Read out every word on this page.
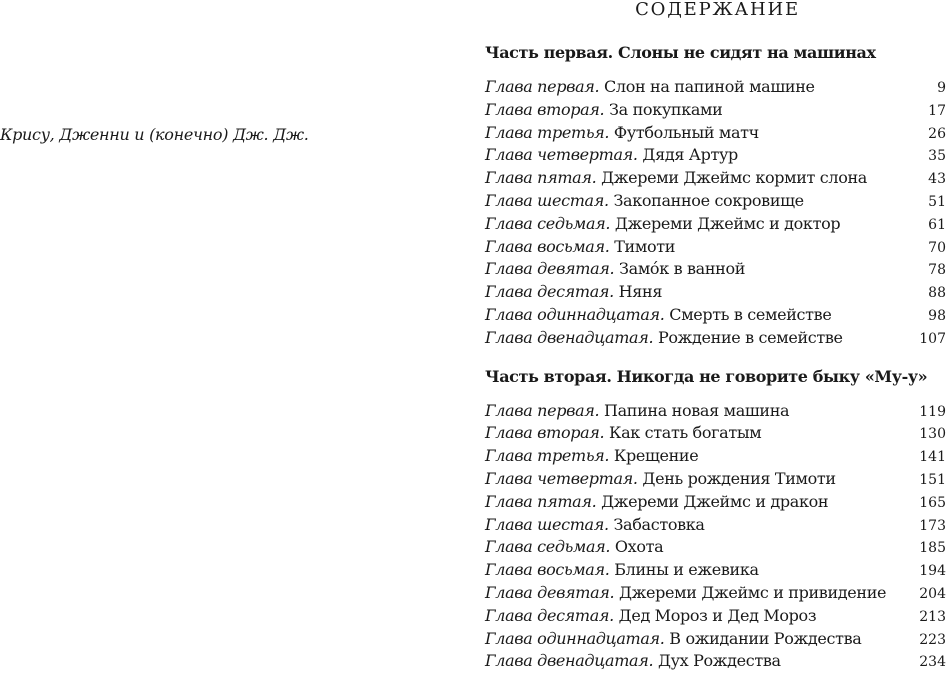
Крису, Дженни и (конечно) Дж. Дж.
СОДЕРЖАНИЕ
Часть первая. Слоны не сидят на машинах
Глава первая. Слон на папиной машине	9
Глава вторая. За покупками	17
Глава третья. Футбольный матч	26
Глава четвертая. Дядя Артур	35
Глава пятая. Джереми Джеймс кормит слона	43
Глава шестая. Закопанное сокровище	51
Глава седьмая. Джереми Джеймс и доктор	61
Глава восьмая. Тимоти	70
Глава девятая. Замо́к в ванной	78
Глава десятая. Няня	88
Глава одиннадцатая. Смерть в семействе	98
Глава двенадцатая. Рождение в семействе	107
Часть вторая. Никогда не говорите быку «Му-у»
Глава первая. Папина новая машина	119
Глава вторая. Как стать богатым	130
Глава третья. Крещение	141
Глава четвертая. День рождения Тимоти	151
Глава пятая. Джереми Джеймс и дракон	165
Глава шестая. Забастовка	173
Глава седьмая. Охота	185
Глава восьмая. Блины и ежевика	194
Глава девятая. Джереми Джеймс и привидение 204
Глава десятая. Дед Мороз и Дед Мороз	213
Глава одиннадцатая. В ожидании Рождества	223
Глава двенадцатая. Дух Рождества	234
